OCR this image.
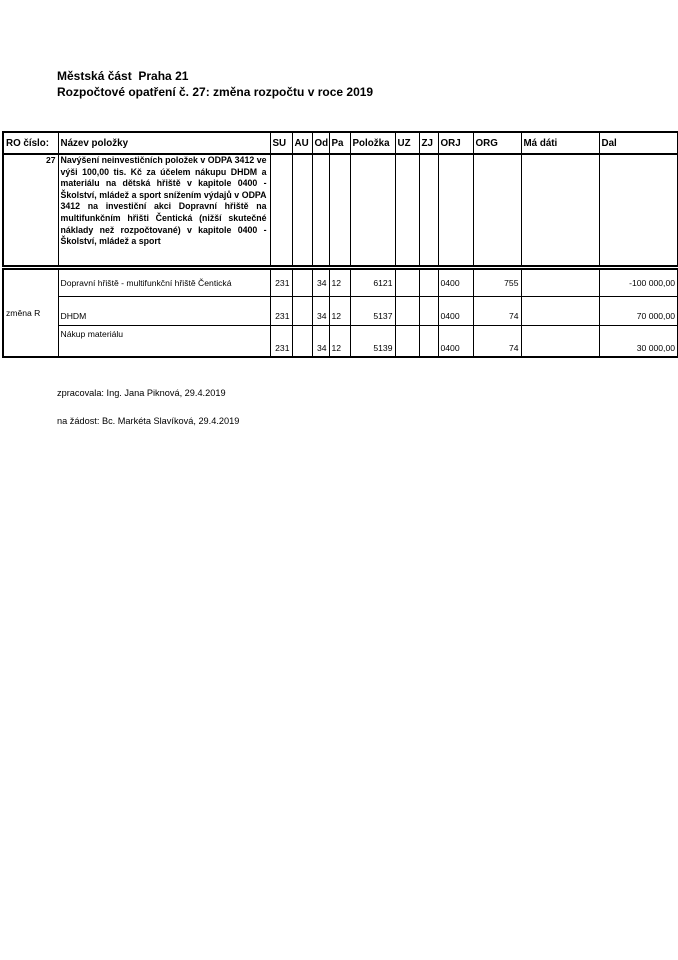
Městská část  Praha 21
Rozpočtové opatření č. 27: změna rozpočtu v roce 2019
RO číslo:	Název položky	SU	AU	Od	Pa	Položka	UZ	ZJ	ORJ	ORG	Má dáti	Dal
27	Navýšení neinvestičních položek v ODPA 3412 ve výši 100,00 tis. Kč za účelem nákupu DHDM a materiálu na dětská hřiště v kapitole 0400 - Školství, mládež a sport snížením výdajů v ODPA 3412 na investiční akci Dopravní hřiště na multifunkčním hřišti Čentická (nižší skutečné náklady než rozpočtované) v kapitole 0400 - Školství, mládež a sport											

změna R	Dopravní hřiště - multifunkční hřiště Čentická	231		34	12	6121			0400	755		-100 000,00
	DHDM	231		34	12	5137			0400	74		70 000,00
	Nákup materiálu	231		34	12	5139			0400	74		30 000,00
zpracovala: Ing. Jana Piknová, 29.4.2019
na žádost: Bc. Markéta Slavíková, 29.4.2019
